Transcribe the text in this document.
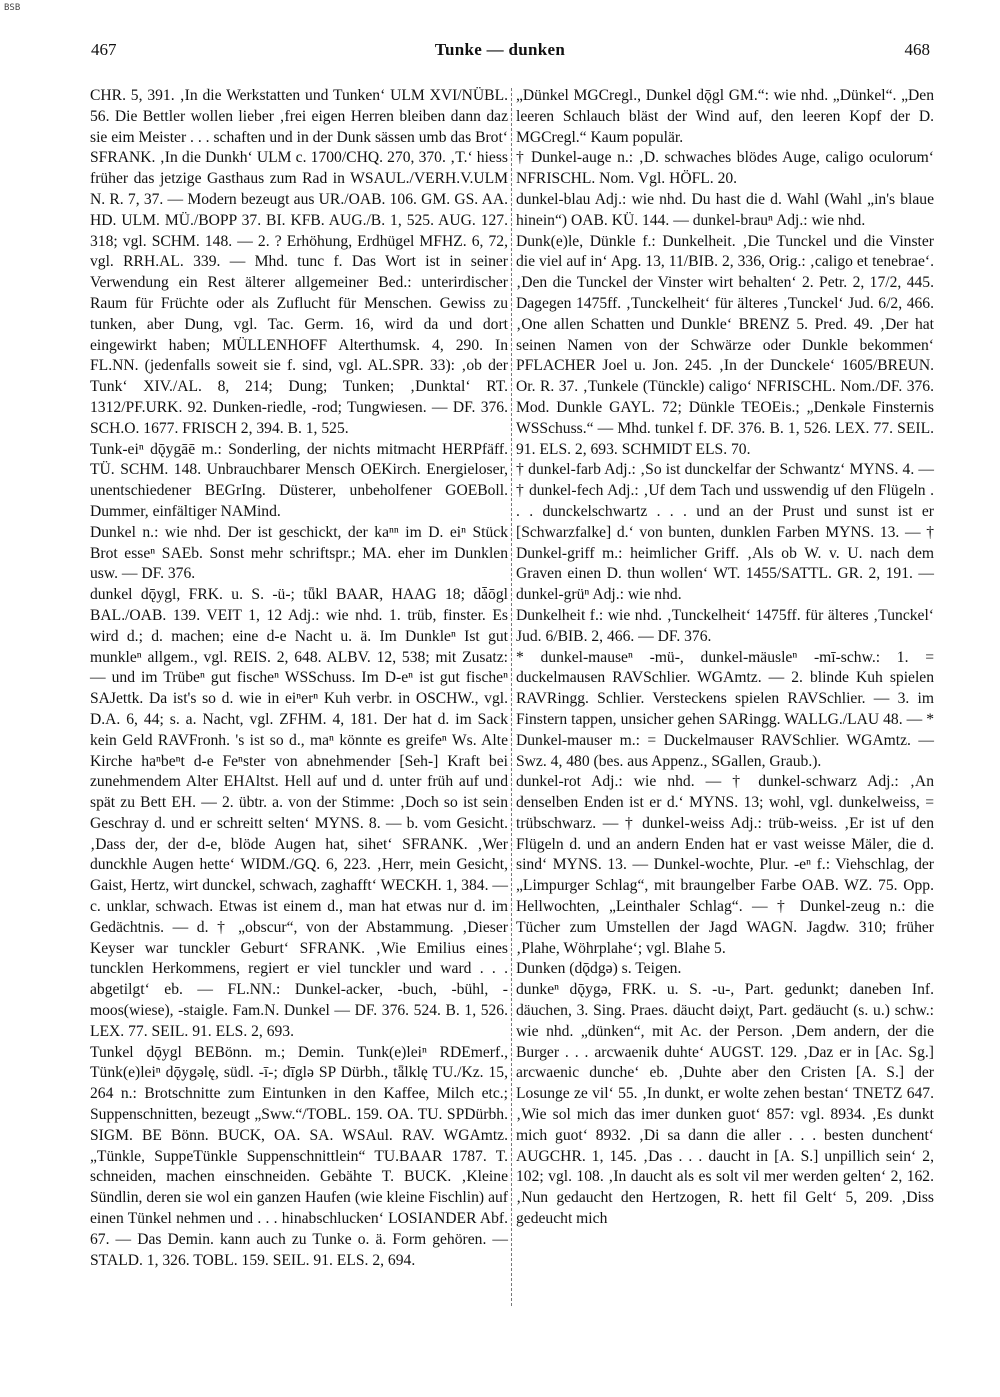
BSB
467	Tunke — dunken	468

CHR. 5, 391. ‚In die Werkstatten und Tunken‘ ULM XVI/NÜBL. 56. Die Bettler wollen lieber ‚frei eigen Herren bleiben dann daz sie eim Meister . . . schaften und in der Dunk sässen umb das Brot‘ SFRANK. ‚In die Dunkh‘ ULM c. 1700/CHQ. 270, 370. ‚T.‘ hiess früher das jetzige Gasthaus zum Rad in WSAUL./VERH.V.ULM N. R. 7, 37. — Modern bezeugt aus UR./OAB. 106. GM. GS. AA. HD. ULM. MÜ./BOPP 37. BI. KFB. AUG./B. 1, 525. AUG. 127. 318; vgl. SCHM. 148. — 2. ? Erhöhung, Erdhügel MFHZ. 6, 72, vgl. RRH.AL. 339. — Mhd. tunc f. Das Wort ist in seiner Verwendung ein Rest älterer allgemeiner Bed.: unterirdischer Raum für Früchte oder als Zuflucht für Menschen. Gewiss zu tunken, aber Dung, vgl. Tac. Germ. 16, wird da und dort eingewirkt haben; MÜLLENHOFF Alterthumsk. 4, 290. In FL.NN. (jedenfalls soweit sie f. sind, vgl. AL.SPR. 33): ‚ob der Tunk‘ XIV./AL. 8, 214; Dung; Tunken; ‚Dunktal‘ RT. 1312/PF.URK. 92. Dunken-riedle, -rod; Tungwiesen. — DF. 376. SCH.O. 1677. FRISCH 2, 394. B. 1, 525.

Tunk-eiⁿ dǭygāē m.: Sonderling, der nichts mitmacht HERPfäff. TÜ. SCHM. 148. Unbrauchbarer Mensch OEKirch. Energieloser, unentschiedener BEGrIng. Düsterer, unbeholfener GOEBoll. Dummer, einfältiger NAMind.

Dunkel n.: wie nhd. Der ist geschickt, der kaⁿⁿ im D. eiⁿ Stück Brot esseⁿ SAEb. Sonst mehr schriftspr.; MA. eher im Dunklen usw. — DF. 376.

dunkel dǭygl, FRK. u. S. -ü-; tǖkl BAAR, HAAG 18; dǡōgl BAL./OAB. 139. VEIT 1, 12 Adj.: wie nhd. 1. trüb, finster. Es wird d.; d. machen; eine d-e Nacht u. ä. Im Dunkleⁿ Ist gut munkleⁿ allgem., vgl. REIS. 2, 648. ALBV. 12, 538; mit Zusatz: — und im Trübeⁿ gut fischeⁿ WSSchuss. Im D-eⁿ ist gut fischeⁿ SAJettk. Da ist's so d. wie in eiⁿerⁿ Kuh verbr. in OSCHW., vgl. D.A. 6, 44; s. a. Nacht, vgl. ZFHM. 4, 181. Der hat d. im Sack kein Geld RAVFronh. 's ist so d., maⁿ könnte es greifeⁿ Ws. Alte Kirche haⁿbeⁿt d-e Feⁿster von abnehmender [Seh-] Kraft bei zunehmendem Alter EHAltst. Hell auf und d. unter früh auf und spät zu Bett EH. — 2. übtr. a. von der Stimme: ‚Doch so ist sein Geschray d. und er schreitt selten‘ MYNS. 8. — b. vom Gesicht. ‚Dass der, der d-e, blöde Augen hat, sihet‘ SFRANK. ‚Wer dunckhle Augen hette‘ WIDM./GQ. 6, 223. ‚Herr, mein Gesicht, Gaist, Hertz, wirt dunckel, schwach, zaghafft‘ WECKH. 1, 384. — c. unklar, schwach. Etwas ist einem d., man hat etwas nur d. im Gedächtnis. — d. † „obscur“, von der Abstammung. ‚Dieser Keyser war tunckler Geburt‘ SFRANK. ‚Wie Emilius eines tuncklen Herkommens, regiert er viel tunckler und ward . . . abgetilgt‘ eb. — FL.NN.: Dunkel-acker, -buch, -bühl, -moos(wiese), -staigle. Fam.N. Dunkel — DF. 376. 524. B. 1, 526. LEX. 77. SEIL. 91. ELS. 2, 693.

Tunkel dǭygl BEBönn. m.; Demin. Tunk(e)leiⁿ RDEmerf., Tünk(e)leiⁿ dǭygəlę, südl. -ī-; dīglə SP Dürbh., tǟlklę TU./Kz. 15, 264 n.: Brotschnitte zum Eintunken in den Kaffee, Milch etc.; Suppenschnitten, bezeugt „Sww.“/TOBL. 159. OA. TU. SPDürbh. SIGM. BE Bönn. BUCK, OA. SA. WSAul. RAV. WGAmtz. „Tünkle, SuppeTünkle Suppenschnittlein“ TU.BAAR 1787. T. schneiden, machen einschneiden. Gebähte T. BUCK. ‚Kleine Sündlin, deren sie wol ein ganzen Haufen (wie kleine Fischlin) auf einen Tünkel nehmen und . . . hinabschlucken‘ LOSIANDER Abf. 67. — Das Demin. kann auch zu Tunke o. ä. Form gehören. — STALD. 1, 326. TOBL. 159. SEIL. 91. ELS. 2, 694.

„Dünkel MGCregl., Dunkel dǭgl GM.“: wie nhd. „Dünkel“. „Den leeren Schlauch bläst der Wind auf, den leeren Kopf der D. MGCregl.“ Kaum populär.

† Dunkel-auge n.: ‚D. schwaches blödes Auge, caligo oculorum‘ NFRISCHL. Nom. Vgl. HÖFL. 20.

dunkel-blau Adj.: wie nhd. Du hast die d. Wahl (Wahl „in's blaue hinein“) OAB. KÜ. 144. — dunkel-brauⁿ Adj.: wie nhd.

Dunk(e)le, Dünkle f.: Dunkelheit. ‚Die Tunckel und die Vinster die viel auf in‘ Apg. 13, 11/BIB. 2, 336, Orig.: ‚caligo et tenebrae‘. ‚Den die Tunckel der Vinster wirt behalten‘ 2. Petr. 2, 17/2, 445. Dagegen 1475ff. ‚Tunckelheit‘ für älteres ‚Tunckel‘ Jud. 6/2, 466. ‚One allen Schatten und Dunkle‘ BRENZ 5. Pred. 49. ‚Der hat seinen Namen von der Schwärze oder Dunkle bekommen‘ PFLACHER Joel u. Jon. 245. ‚In der Dunckele‘ 1605/BREUN. Or. R. 37. ‚Tunkele (Tünckle) caligo‘ NFRISCHL. Nom./DF. 376. Mod. Dunkle GAYL. 72; Dünkle TEOEis.; „Denkəle Finsternis WSSchuss.“ — Mhd. tunkel f. DF. 376. B. 1, 526. LEX. 77. SEIL. 91. ELS. 2, 693. SCHMIDT ELS. 70.

† dunkel-farb Adj.: ‚So ist dunckelfar der Schwantz‘ MYNS. 4. — † dunkel-fech Adj.: ‚Uf dem Tach und usswendig uf den Flügeln . . . dunckelschwartz . . . und an der Prust und sunst ist er [Schwarzfalke] d.‘ von bunten, dunklen Farben MYNS. 13. — † Dunkel-griff m.: heimlicher Griff. ‚Als ob W. v. U. nach dem Graven einen D. thun wollen‘ WT. 1455/SATTL. GR. 2, 191. — dunkel-grüⁿ Adj.: wie nhd.

Dunkelheit f.: wie nhd. ‚Tunckelheit‘ 1475ff. für älteres ‚Tunckel‘ Jud. 6/BIB. 2, 466. — DF. 376.

* dunkel-mauseⁿ -mü-, dunkel-mäusleⁿ -mī-schw.: 1. = duckelmausen RAVSchlier. WGAmtz. — 2. blinde Kuh spielen RAVRingg. Schlier. Versteckens spielen RAVSchlier. — 3. im Finstern tappen, unsicher gehen SARingg. WALLG./LAU 48. — * Dunkel-mauser m.: = Duckelmauser RAVSchlier. WGAmtz. — Swz. 4, 480 (bes. aus Appenz., SGallen, Graub.).

dunkel-rot Adj.: wie nhd. — † dunkel-schwarz Adj.: ‚An denselben Enden ist er d.‘ MYNS. 13; wohl, vgl. dunkelweiss, = trübschwarz. — † dunkel-weiss Adj.: trüb-weiss. ‚Er ist uf den Flügeln d. und an andern Enden hat er vast weisse Mäler, die d. sind‘ MYNS. 13. — Dunkel-wochte, Plur. -eⁿ f.: Viehschlag, der „Limpurger Schlag“, mit braungelber Farbe OAB. WZ. 75. Opp. Hellwochten, „Leinthaler Schlag“. — † Dunkel-zeug n.: die Tücher zum Umstellen der Jagd WAGN. Jagdw. 310; früher ‚Plahe, Wöhrplahe‘; vgl. Blahe 5.

Dunken (dǭdgə) s. Teigen.

dunkeⁿ dǭygə, FRK. u. S. -u-, Part. gedunkt; daneben Inf. däuchen, 3. Sing. Praes. däucht dəiχt, Part. gedäucht (s. u.) schw.: wie nhd. „dünken“, mit Ac. der Person. ‚Dem andern, der die Burger . . . arcwaenik duhte‘ AUGST. 129. ‚Daz er in [Ac. Sg.] arcwaenic dunche‘ eb. ‚Duhte aber den Cristen [A. S.] der Losunge ze vil‘ 55. ‚In dunkt, er wolte zehen bestan‘ TNETZ 647. ‚Wie sol mich das imer dunken guot‘ 857: vgl. 8934. ‚Es dunkt mich guot‘ 8932. ‚Di sa dann die aller . . . besten dunchent‘ AUGCHR. 1, 145. ‚Das . . . daucht in [A. S.] unpillich sein‘ 2, 102; vgl. 108. ‚In daucht als es solt vil mer werden gelten‘ 2, 162. ‚Nun gedaucht den Hertzogen, R. hett fil Gelt‘ 5, 209. ‚Diss gedeucht mich
